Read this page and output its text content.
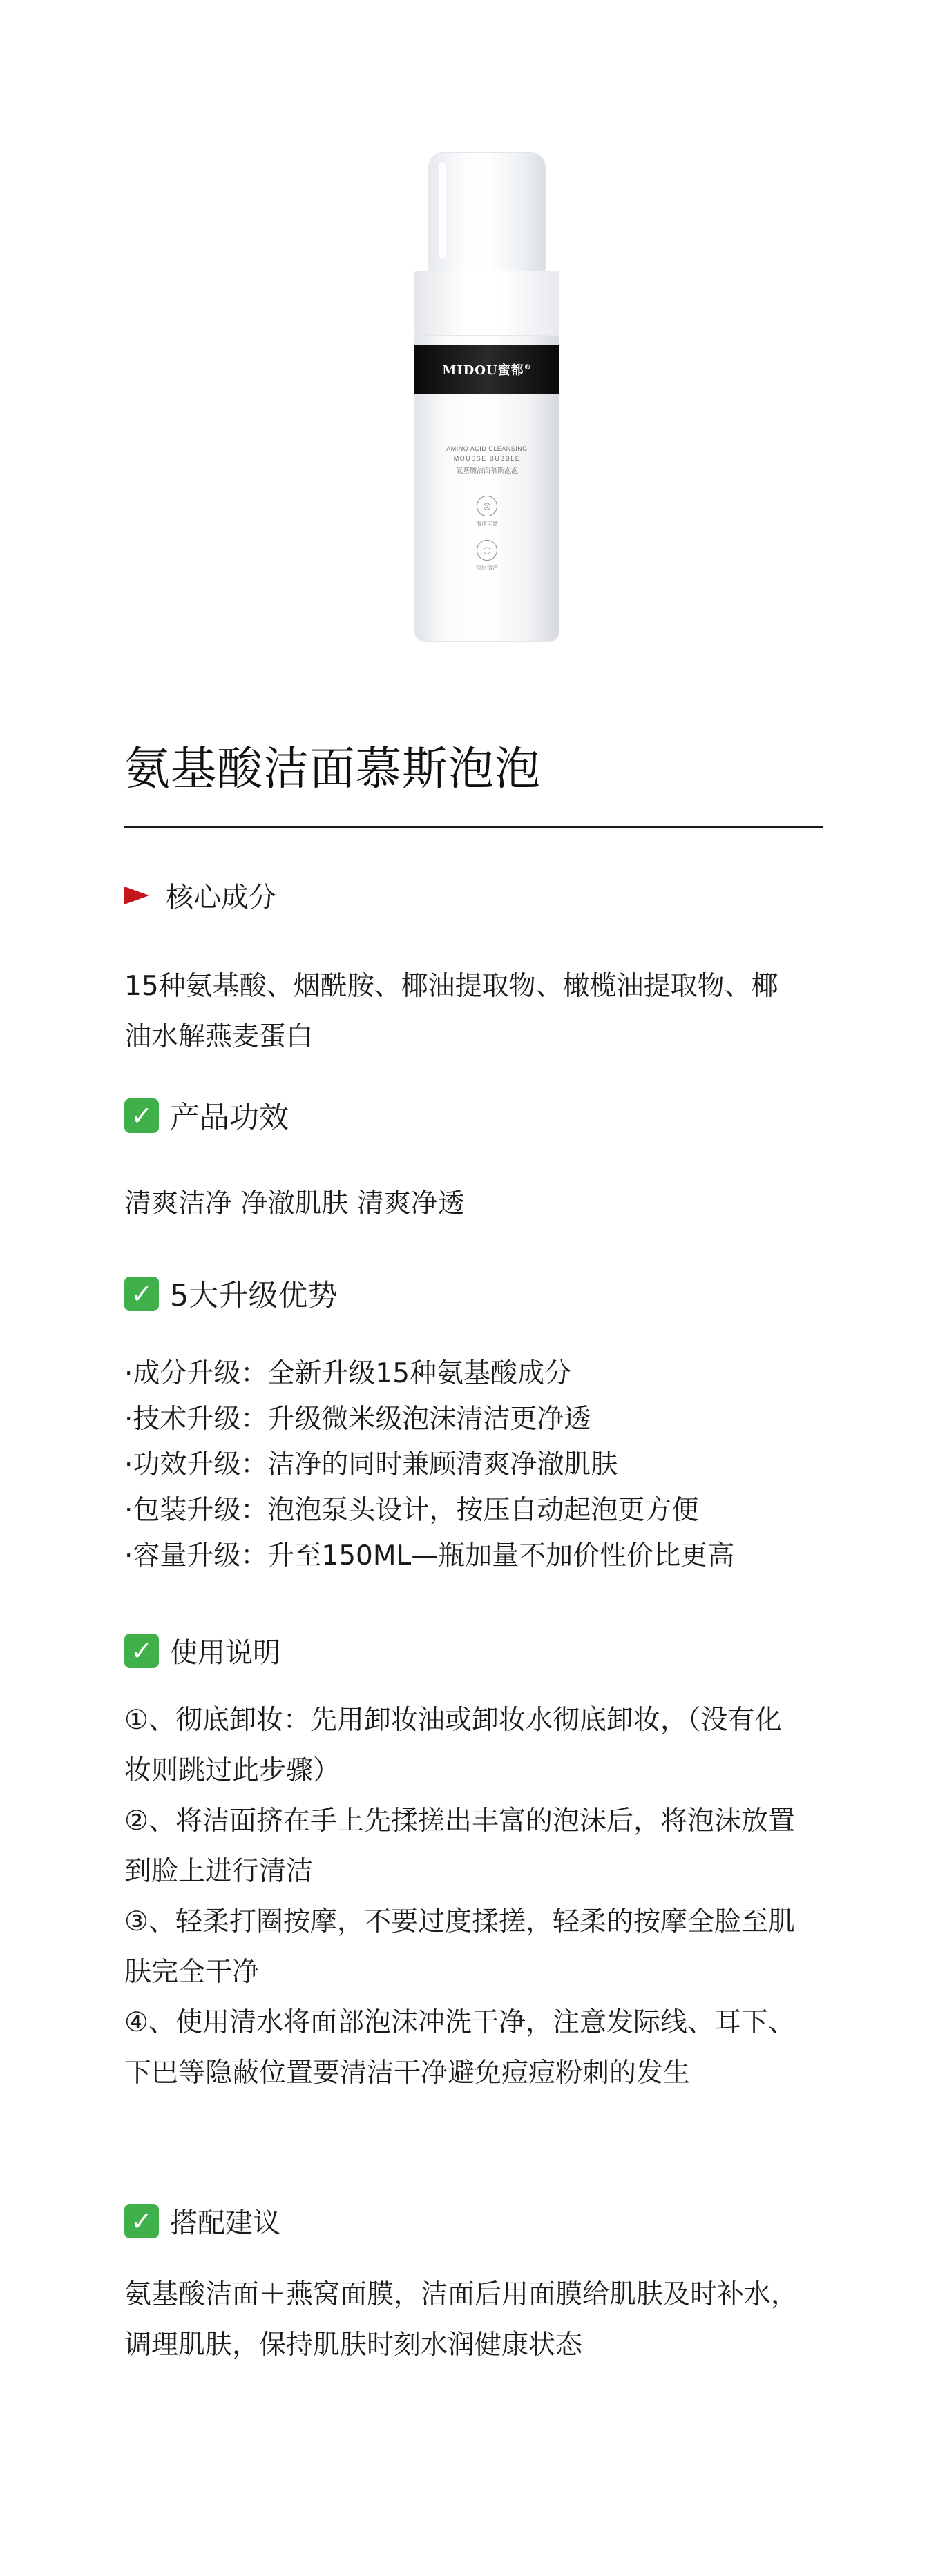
MIDOU蜜都®
AMINO ACID CLEANSING
MOUSSE BUBBLE
氨基酸洁面慕斯泡泡
◎
泡沫丰富
◌
深层清洁
氨基酸洁面慕斯泡泡
核心成分
15种氨基酸、烟酰胺、椰油提取物、橄榄油提取物、椰
油水解燕麦蛋白
✓ 产品功效
清爽洁净 净澈肌肤 清爽净透
✓ 5大升级优势
·成分升级：全新升级15种氨基酸成分
·技术升级：升级微米级泡沫清洁更净透
·功效升级：洁净的同时兼顾清爽净澈肌肤
·包装升级：泡泡泵头设计，按压自动起泡更方便
·容量升级：升至150ML—瓶加量不加价性价比更高
✓ 使用说明
①、彻底卸妆：先用卸妆油或卸妆水彻底卸妆，（没有化
妆则跳过此步骤）
②、将洁面挤在手上先揉搓出丰富的泡沫后，将泡沫放置
到脸上进行清洁
③、轻柔打圈按摩，不要过度揉搓，轻柔的按摩全脸至肌
肤完全干净
④、使用清水将面部泡沫冲洗干净，注意发际线、耳下、
下巴等隐蔽位置要清洁干净避免痘痘粉刺的发生
✓ 搭配建议
氨基酸洁面＋燕窝面膜，洁面后用面膜给肌肤及时补水，
调理肌肤，保持肌肤时刻水润健康状态
